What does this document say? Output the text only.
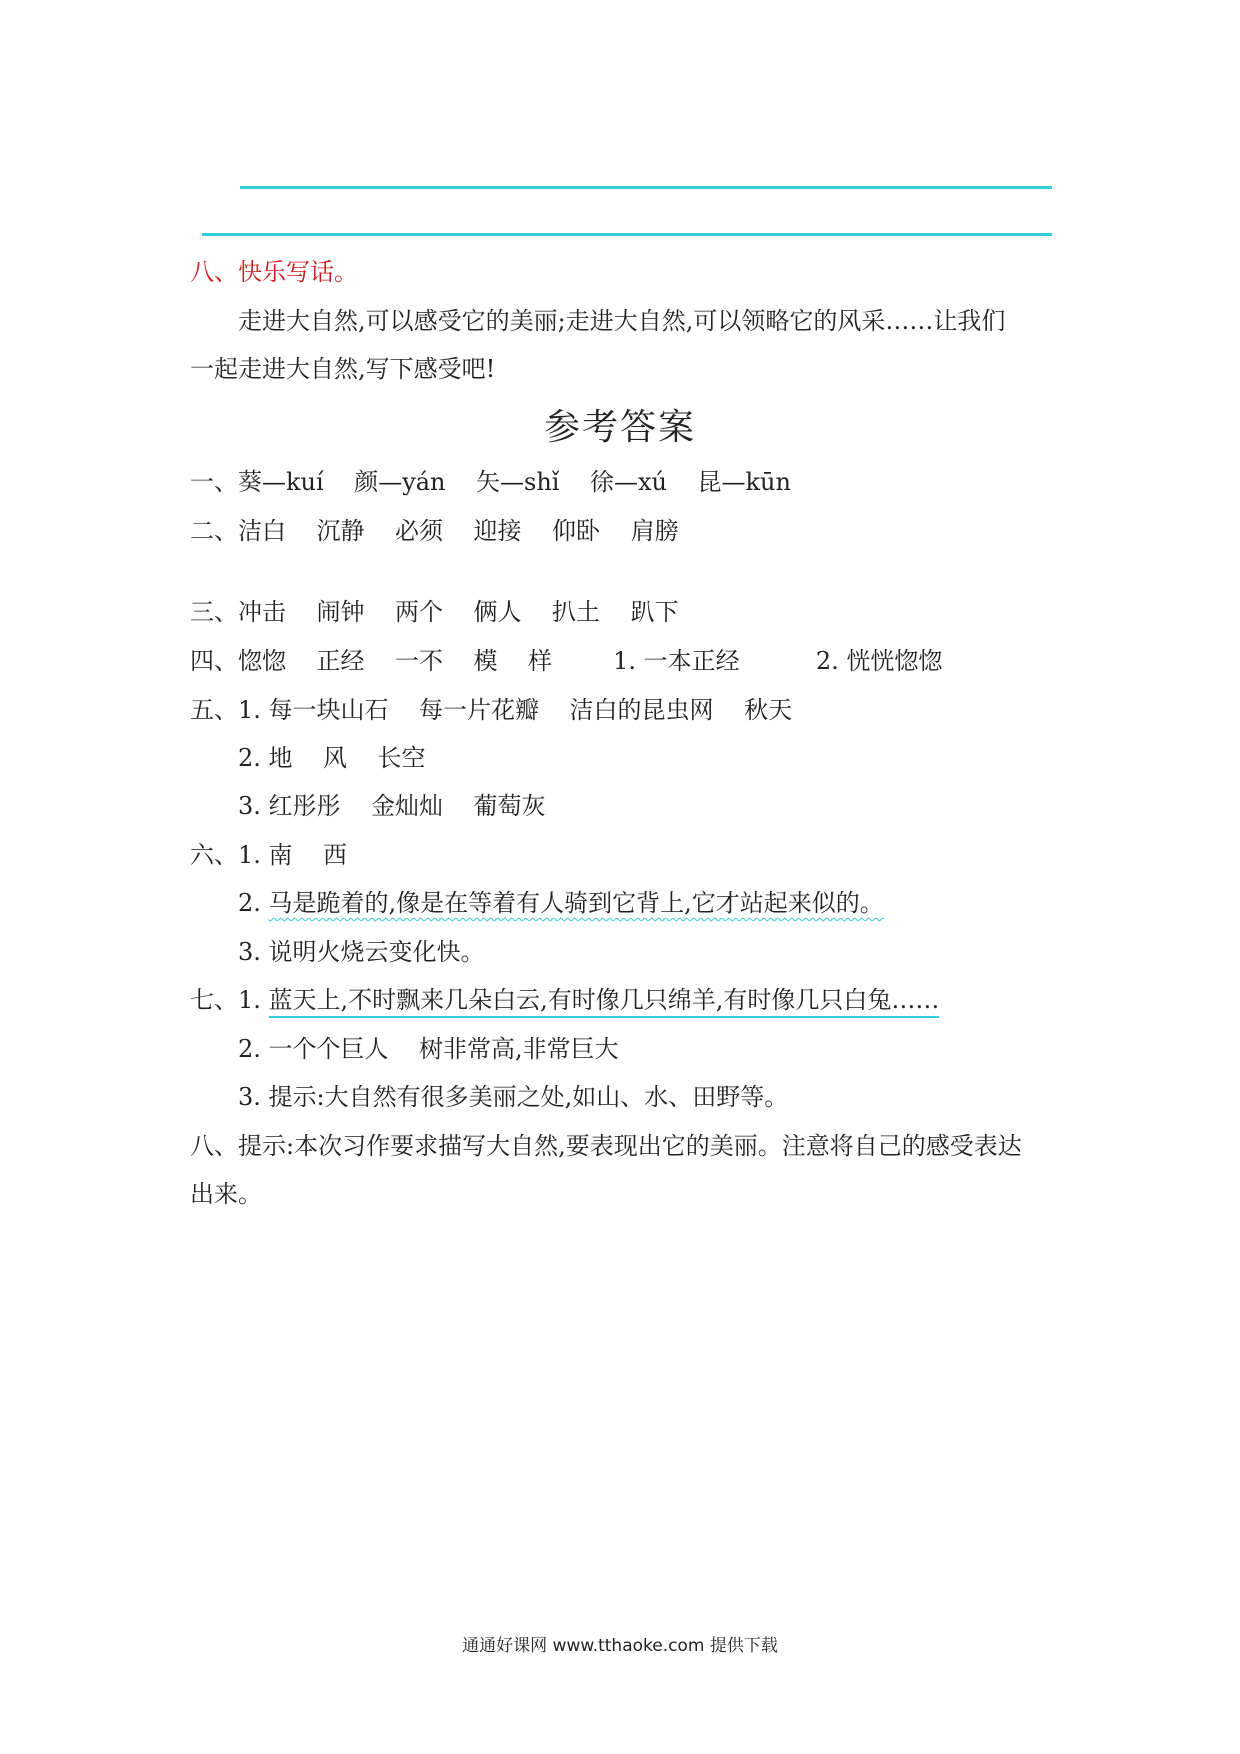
八、快乐写话。
走进大自然,可以感受它的美丽;走进大自然,可以领略它的风采……让我们
一起走进大自然,写下感受吧!
参考答案
一、葵—kuí    颜—yán    矢—shǐ    徐—xú    昆—kūn
二、洁白    沉静    必须    迎接    仰卧    肩膀
三、冲击    闹钟    两个    俩人    扒土    趴下
四、惚惚    正经    一不    模    样        1. 一本正经          2. 恍恍惚惚
五、1. 每一块山石    每一片花瓣    洁白的昆虫网    秋天
2. 地    风    长空
3. 红彤彤    金灿灿    葡萄灰
六、1. 南    西
2. 马是跪着的,像是在等着有人骑到它背上,它才站起来似的。
3. 说明火烧云变化快。
七、1. 蓝天上,不时飘来几朵白云,有时像几只绵羊,有时像几只白兔……
2. 一个个巨人    树非常高,非常巨大
3. 提示:大自然有很多美丽之处,如山、水、田野等。
八、提示:本次习作要求描写大自然,要表现出它的美丽。注意将自己的感受表达
出来。
通通好课网 www.tthaoke.com 提供下载
